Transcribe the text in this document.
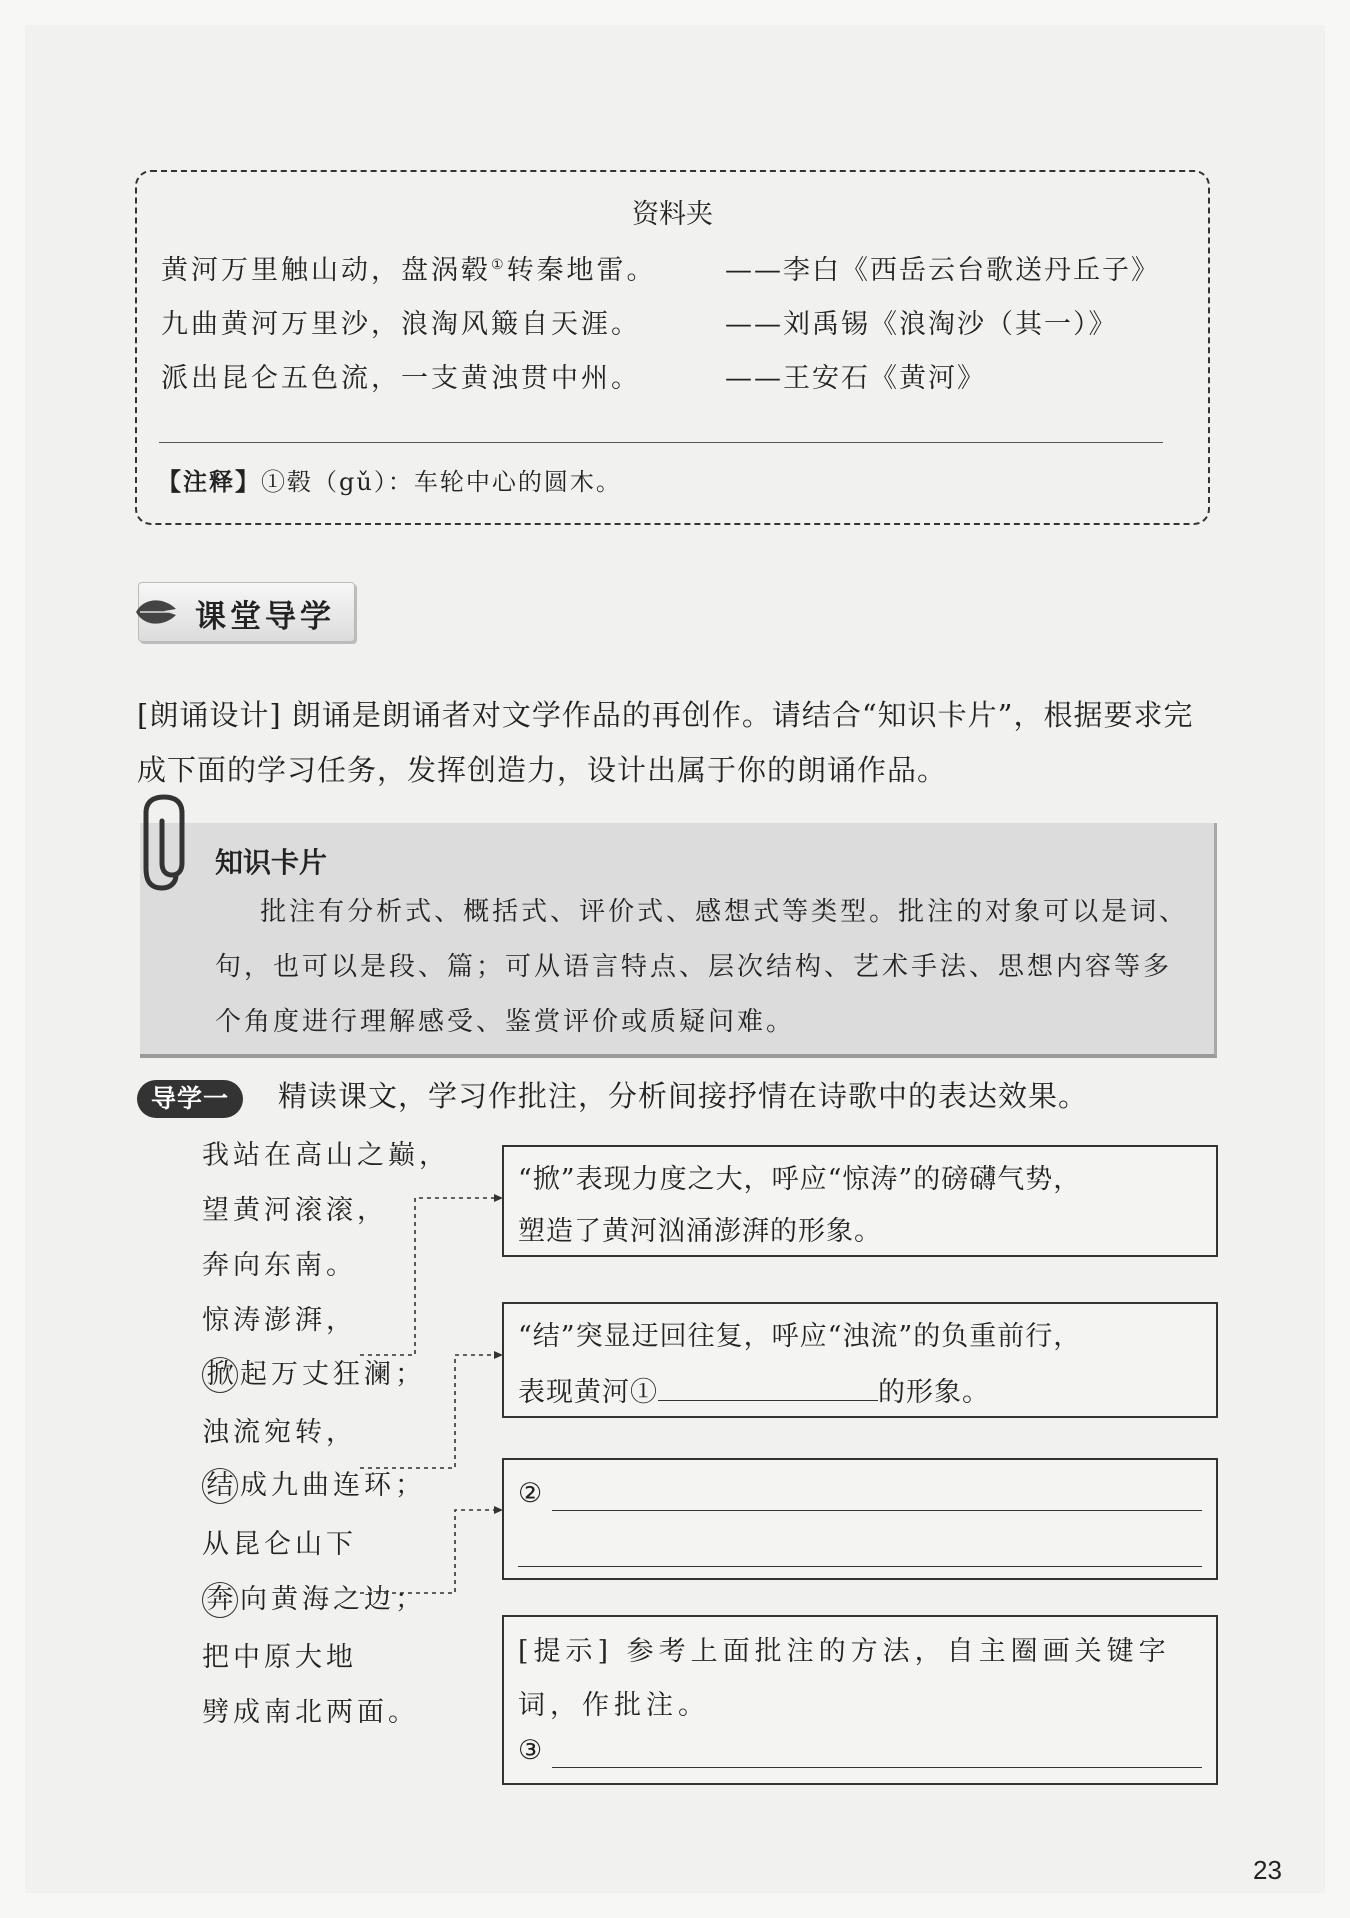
资料夹
黄河万里触山动，盘涡毂①转秦地雷。	——李白《西岳云台歌送丹丘子》
九曲黄河万里沙，浪淘风簸自天涯。	——刘禹锡《浪淘沙（其一）》
派出昆仑五色流，一支黄浊贯中州。	——王安石《黄河》
【注释】①毂（gǔ）：车轮中心的圆木。
课堂导学
[朗诵设计] 朗诵是朗诵者对文学作品的再创作。请结合“知识卡片”，根据要求完成下面的学习任务，发挥创造力，设计出属于你的朗诵作品。
知识卡片
批注有分析式、概括式、评价式、感想式等类型。批注的对象可以是词、句，也可以是段、篇；可从语言特点、层次结构、艺术手法、思想内容等多个角度进行理解感受、鉴赏评价或质疑问难。
导学一	精读课文，学习作批注，分析间接抒情在诗歌中的表达效果。
我站在高山之巅，
望黄河滚滚，
奔向东南。
惊涛澎湃，
掀 起万丈狂澜；
浊流宛转，
结 成九曲连环；
从昆仑山下
奔 向黄海之边；
把中原大地
劈成南北两面。
“掀”表现力度之大，呼应“惊涛”的磅礴气势，
塑造了黄河汹涌澎湃的形象。
“结”突显迂回往复，呼应“浊流”的负重前行，
表现黄河①	的形象。
②
[提示] 参考上面批注的方法，自主圈画关键字
词，作批注。
③
23
